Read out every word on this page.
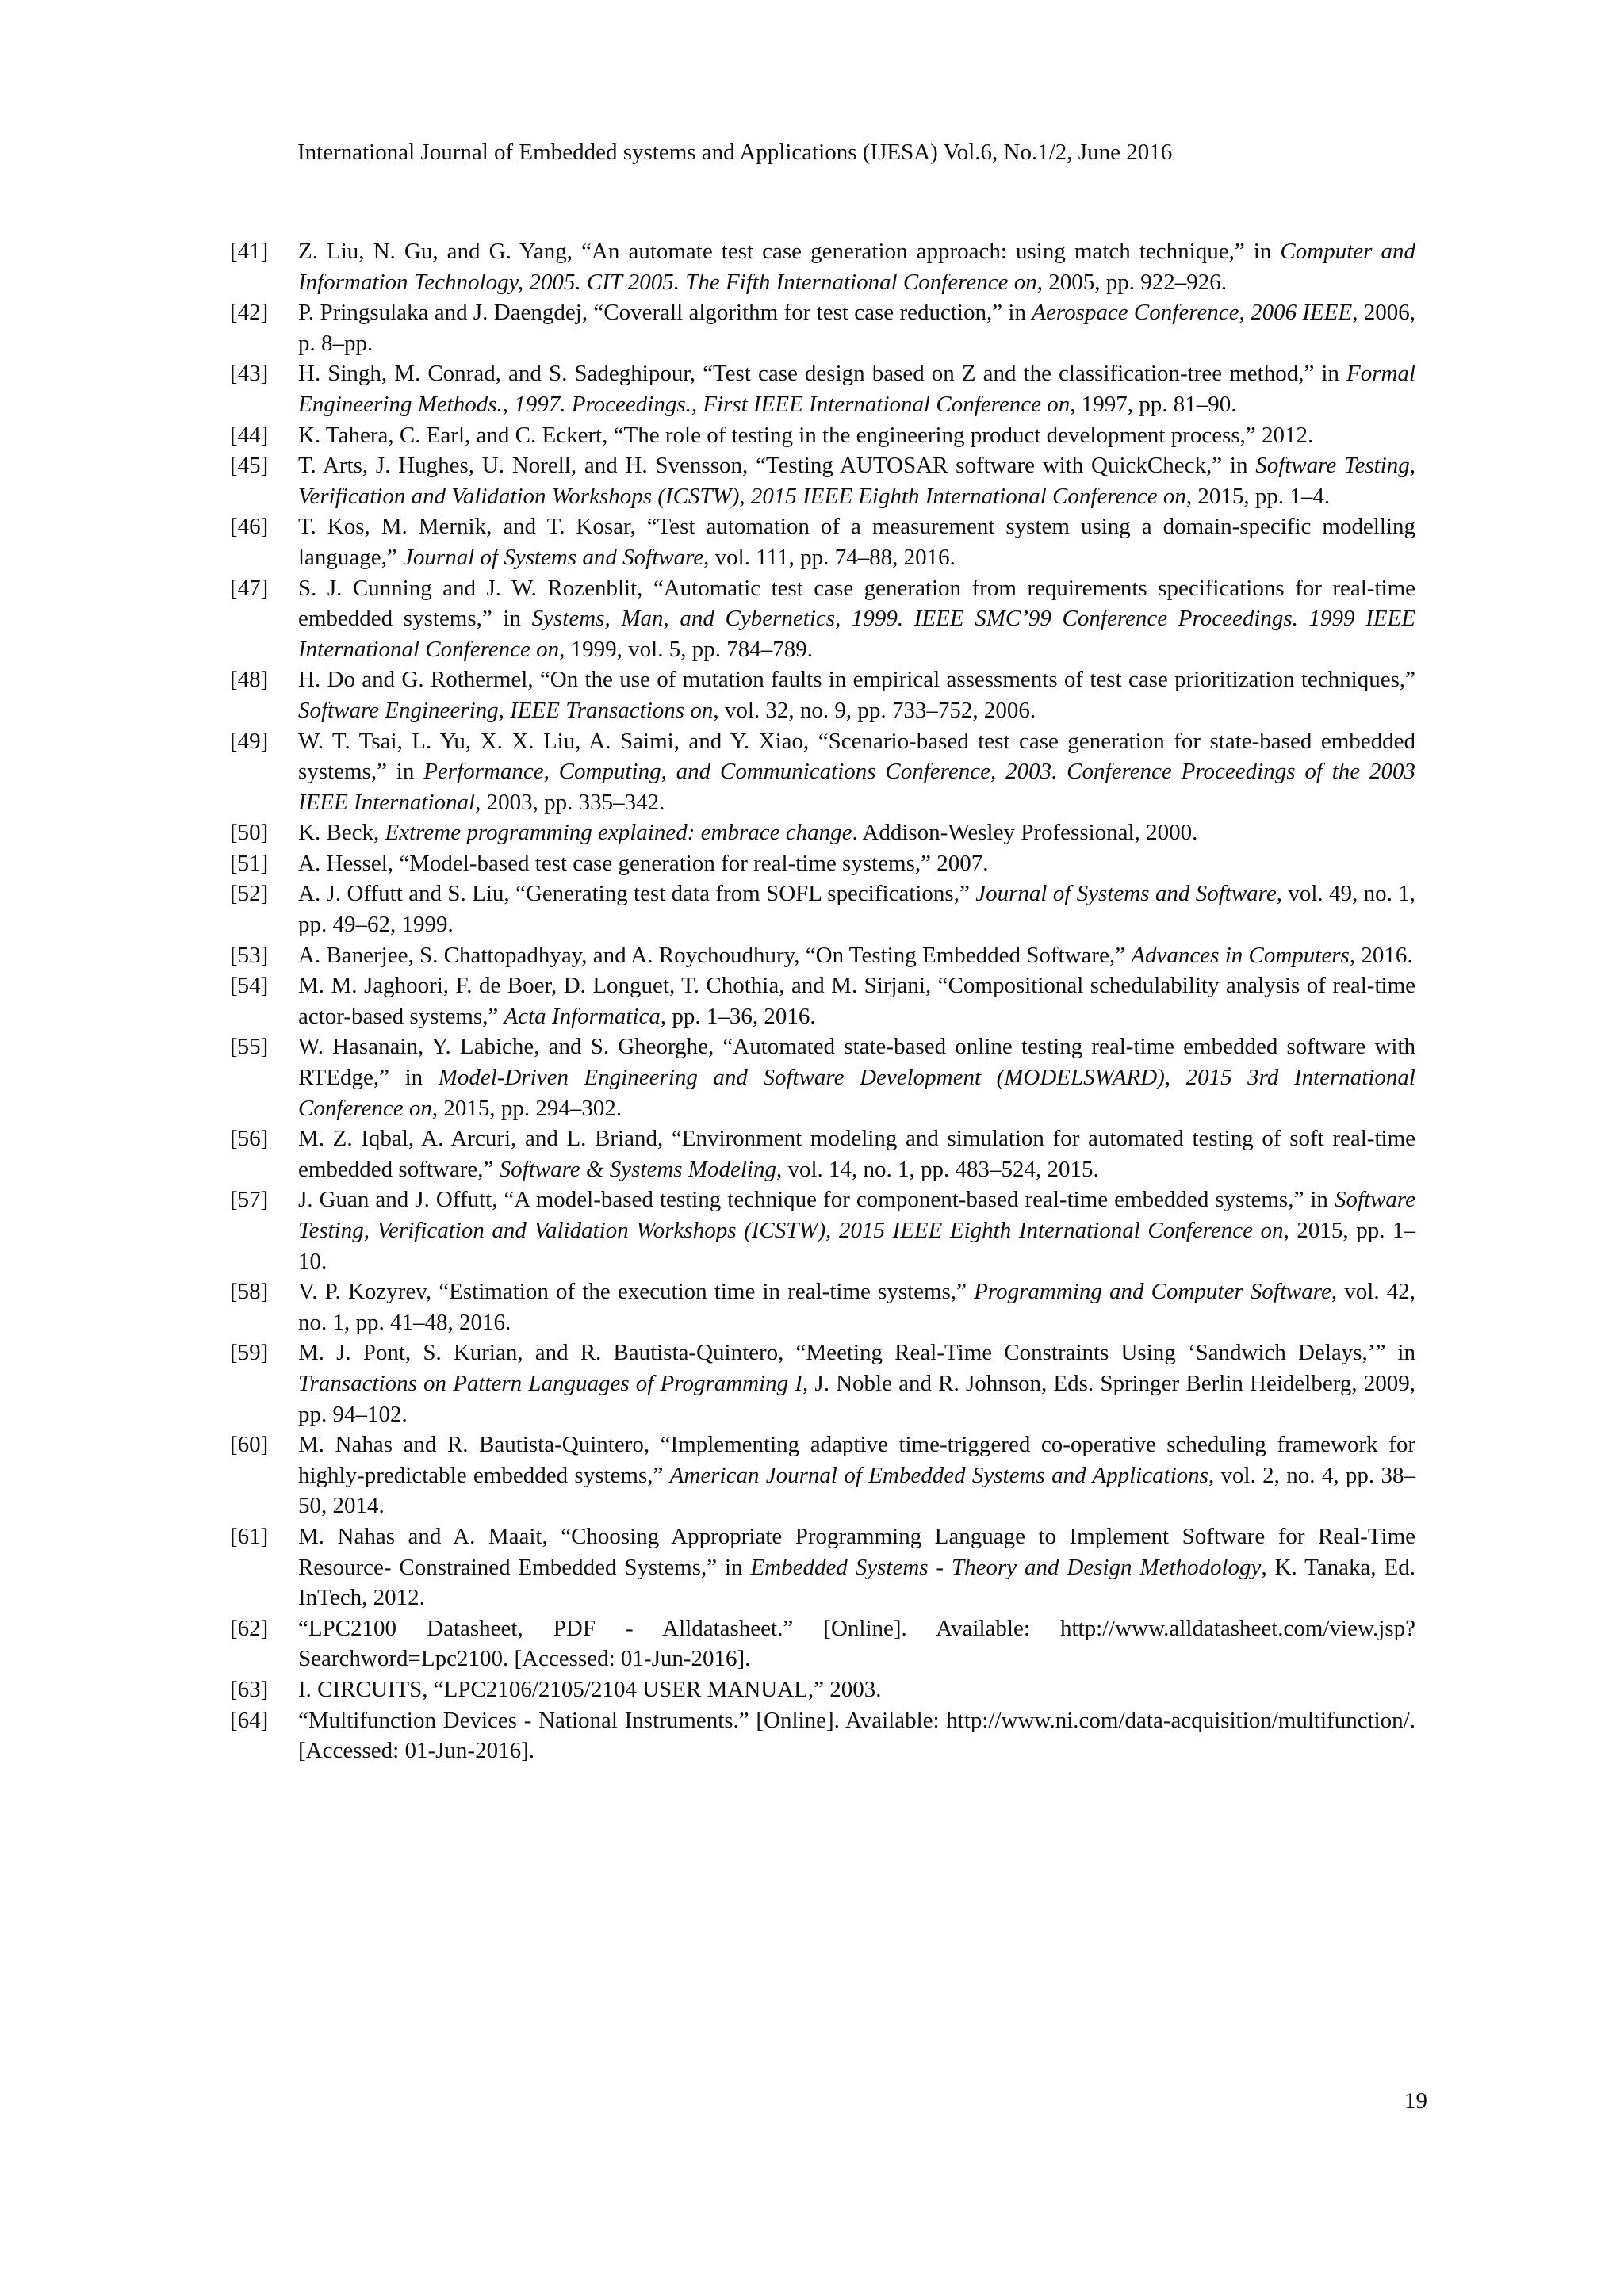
International Journal of Embedded systems and Applications (IJESA) Vol.6, No.1/2, June 2016
[41]	Z. Liu, N. Gu, and G. Yang, “An automate test case generation approach: using match technique,” in Computer and Information Technology, 2005. CIT 2005. The Fifth International Conference on, 2005, pp. 922–926.
[42]	P. Pringsulaka and J. Daengdej, “Coverall algorithm for test case reduction,” in Aerospace Conference, 2006 IEEE, 2006, p. 8–pp.
[43]	H. Singh, M. Conrad, and S. Sadeghipour, “Test case design based on Z and the classification-tree method,” in Formal Engineering Methods., 1997. Proceedings., First IEEE International Conference on, 1997, pp. 81–90.
[44]	K. Tahera, C. Earl, and C. Eckert, “The role of testing in the engineering product development process,” 2012.
[45]	T. Arts, J. Hughes, U. Norell, and H. Svensson, “Testing AUTOSAR software with QuickCheck,” in Software Testing, Verification and Validation Workshops (ICSTW), 2015 IEEE Eighth International Conference on, 2015, pp. 1–4.
[46]	T. Kos, M. Mernik, and T. Kosar, “Test automation of a measurement system using a domain-specific modelling language,” Journal of Systems and Software, vol. 111, pp. 74–88, 2016.
[47]	S. J. Cunning and J. W. Rozenblit, “Automatic test case generation from requirements specifications for real-time embedded systems,” in Systems, Man, and Cybernetics, 1999. IEEE SMC’99 Conference Proceedings. 1999 IEEE International Conference on, 1999, vol. 5, pp. 784–789.
[48]	H. Do and G. Rothermel, “On the use of mutation faults in empirical assessments of test case prioritization techniques,” Software Engineering, IEEE Transactions on, vol. 32, no. 9, pp. 733–752, 2006.
[49]	W. T. Tsai, L. Yu, X. X. Liu, A. Saimi, and Y. Xiao, “Scenario-based test case generation for state-based embedded systems,” in Performance, Computing, and Communications Conference, 2003. Conference Proceedings of the 2003 IEEE International, 2003, pp. 335–342.
[50]	K. Beck, Extreme programming explained: embrace change. Addison-Wesley Professional, 2000.
[51]	A. Hessel, “Model-based test case generation for real-time systems,” 2007.
[52]	A. J. Offutt and S. Liu, “Generating test data from SOFL specifications,” Journal of Systems and Software, vol. 49, no. 1, pp. 49–62, 1999.
[53]	A. Banerjee, S. Chattopadhyay, and A. Roychoudhury, “On Testing Embedded Software,” Advances in Computers, 2016.
[54]	M. M. Jaghoori, F. de Boer, D. Longuet, T. Chothia, and M. Sirjani, “Compositional schedulability analysis of real-time actor-based systems,” Acta Informatica, pp. 1–36, 2016.
[55]	W. Hasanain, Y. Labiche, and S. Gheorghe, “Automated state-based online testing real-time embedded software with RTEdge,” in Model-Driven Engineering and Software Development (MODELSWARD), 2015 3rd International Conference on, 2015, pp. 294–302.
[56]	M. Z. Iqbal, A. Arcuri, and L. Briand, “Environment modeling and simulation for automated testing of soft real-time embedded software,” Software & Systems Modeling, vol. 14, no. 1, pp. 483–524, 2015.
[57]	J. Guan and J. Offutt, “A model-based testing technique for component-based real-time embedded systems,” in Software Testing, Verification and Validation Workshops (ICSTW), 2015 IEEE Eighth International Conference on, 2015, pp. 1–10.
[58]	V. P. Kozyrev, “Estimation of the execution time in real-time systems,” Programming and Computer Software, vol. 42, no. 1, pp. 41–48, 2016.
[59]	M. J. Pont, S. Kurian, and R. Bautista-Quintero, “Meeting Real-Time Constraints Using ‘Sandwich Delays,’” in Transactions on Pattern Languages of Programming I, J. Noble and R. Johnson, Eds. Springer Berlin Heidelberg, 2009, pp. 94–102.
[60]	M. Nahas and R. Bautista-Quintero, “Implementing adaptive time-triggered co-operative scheduling framework for highly-predictable embedded systems,” American Journal of Embedded Systems and Applications, vol. 2, no. 4, pp. 38–50, 2014.
[61]	M. Nahas and A. Maait, “Choosing Appropriate Programming Language to Implement Software for Real-Time Resource- Constrained Embedded Systems,” in Embedded Systems - Theory and Design Methodology, K. Tanaka, Ed. InTech, 2012.
[62]	“LPC2100 Datasheet, PDF - Alldatasheet.” [Online]. Available: http://www.alldatasheet.com/view.jsp?Searchword=Lpc2100. [Accessed: 01-Jun-2016].
[63]	I. CIRCUITS, “LPC2106/2105/2104 USER MANUAL,” 2003.
[64]	“Multifunction Devices - National Instruments.” [Online]. Available: http://www.ni.com/data-acquisition/multifunction/. [Accessed: 01-Jun-2016].
19
